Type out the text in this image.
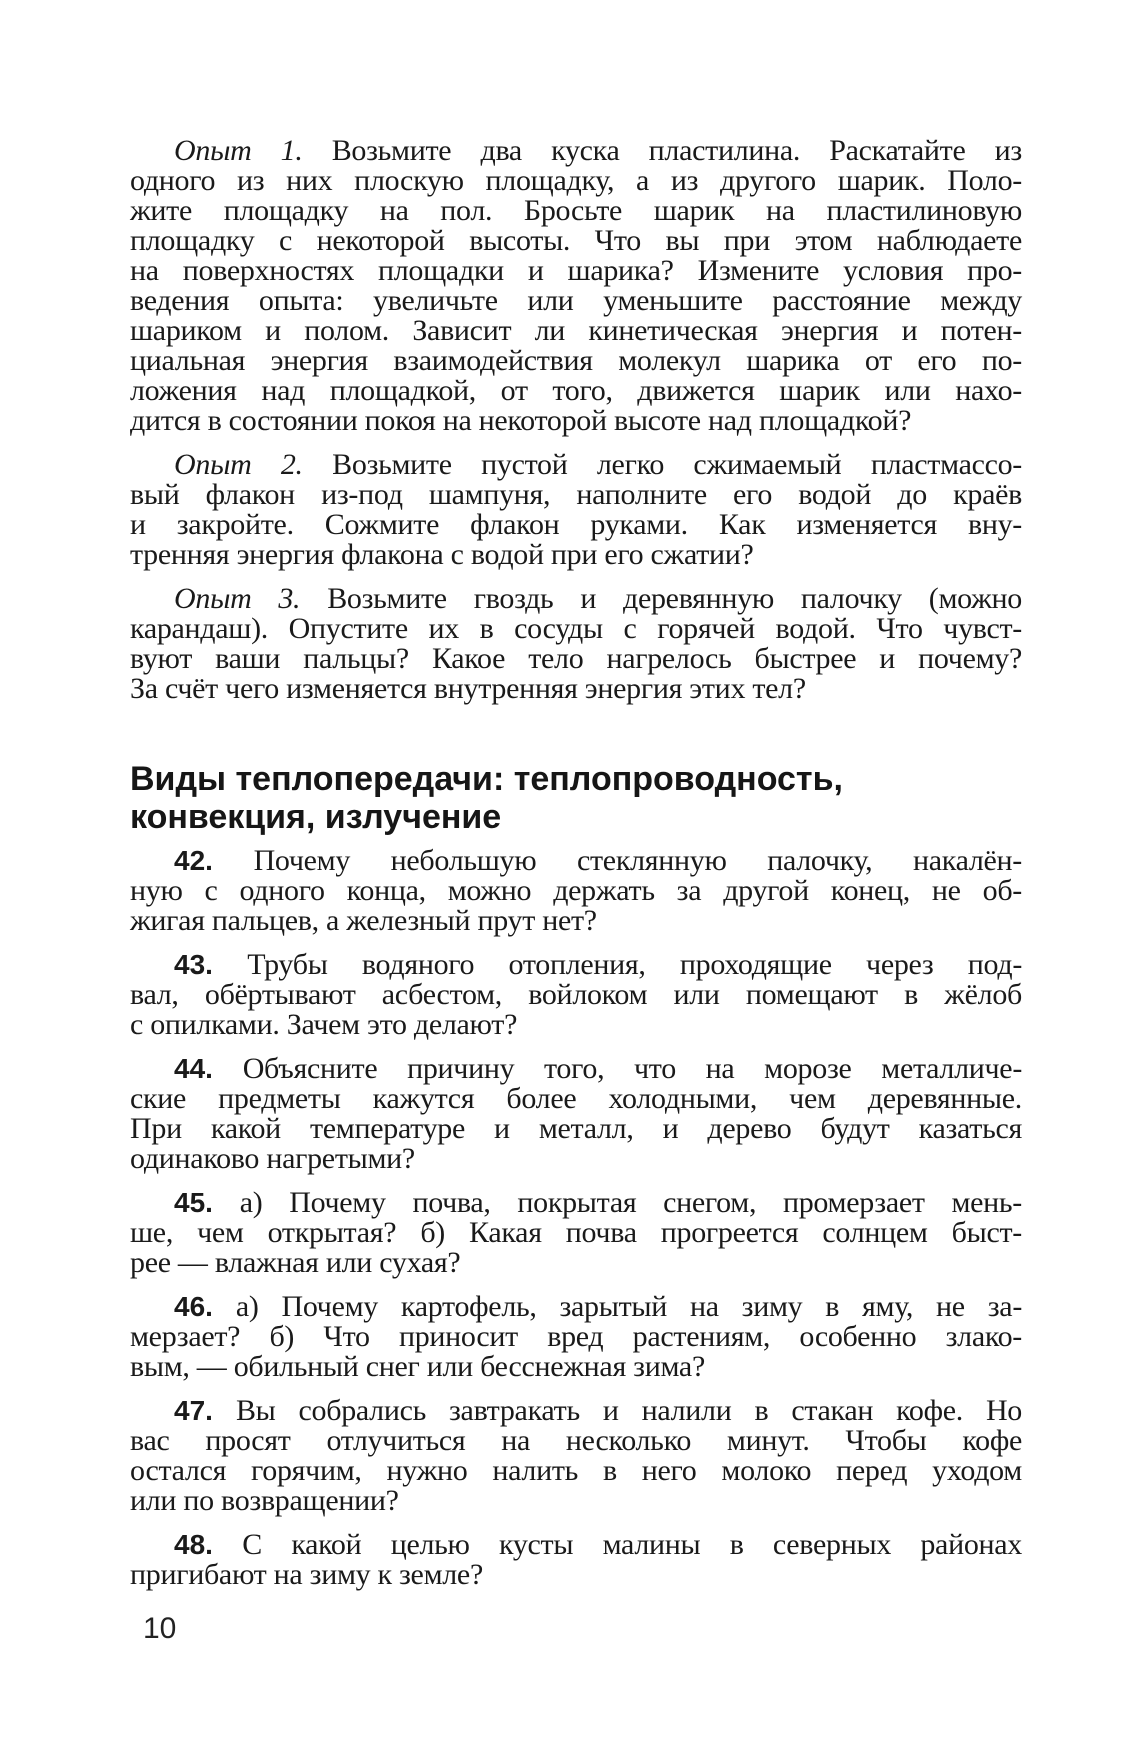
Опыт 1. Возьмите два куска пластилина. Раскатайте из
одного из них плоскую площадку, а из другого шарик. Поло-
жите площадку на пол. Бросьте шарик на пластилиновую
площадку с некоторой высоты. Что вы при этом наблюдаете
на поверхностях площадки и шарика? Измените условия про-
ведения опыта: увеличьте или уменьшите расстояние между
шариком и полом. Зависит ли кинетическая энергия и потен-
циальная энергия взаимодействия молекул шарика от его по-
ложения над площадкой, от того, движется шарик или нахо-
дится в состоянии покоя на некоторой высоте над площадкой?

Опыт 2. Возьмите пустой легко сжимаемый пластмассо-
вый флакон из-под шампуня, наполните его водой до краёв
и закройте. Сожмите флакон руками. Как изменяется вну-
тренняя энергия флакона с водой при его сжатии?

Опыт 3. Возьмите гвоздь и деревянную палочку (можно
карандаш). Опустите их в сосуды с горячей водой. Что чувст-
вуют ваши пальцы? Какое тело нагрелось быстрее и почему?
За счёт чего изменяется внутренняя энергия этих тел?

Виды теплопередачи: теплопроводность,
конвекция, излучение

42. Почему небольшую стеклянную палочку, накалён-
ную с одного конца, можно держать за другой конец, не об-
жигая пальцев, а железный прут нет?

43. Трубы водяного отопления, проходящие через под-
вал, обёртывают асбестом, войлоком или помещают в жёлоб
с опилками. Зачем это делают?

44. Объясните причину того, что на морозе металличе-
ские предметы кажутся более холодными, чем деревянные.
При какой температуре и металл, и дерево будут казаться
одинаково нагретыми?

45. а) Почему почва, покрытая снегом, промерзает мень-
ше, чем открытая? б) Какая почва прогреется солнцем быст-
рее — влажная или сухая?

46. а) Почему картофель, зарытый на зиму в яму, не за-
мерзает? б) Что приносит вред растениям, особенно злако-
вым, — обильный снег или бесснежная зима?

47. Вы собрались завтракать и налили в стакан кофе. Но
вас просят отлучиться на несколько минут. Чтобы кофе
остался горячим, нужно налить в него молоко перед уходом
или по возвращении?

48. С какой целью кусты малины в северных районах
пригибают на зиму к земле?

10
